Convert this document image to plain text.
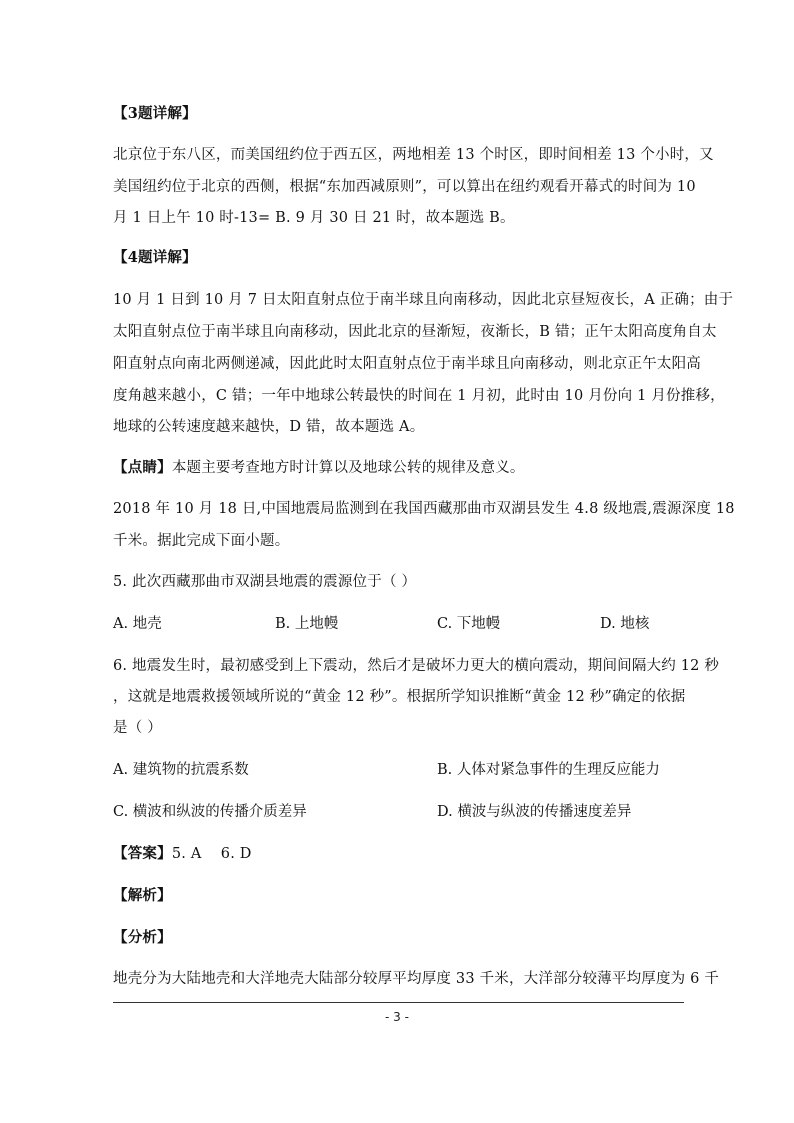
【3题详解】
北京位于东八区，而美国纽约位于西五区，两地相差 13 个时区，即时间相差 13 个小时，又
美国纽约位于北京的西侧，根据“东加西减原则”，可以算出在纽约观看开幕式的时间为 10
月 1 日上午 10 时-13= B. 9 月 30 日 21 时，故本题选 B。
【4题详解】
10 月 1 日到 10 月 7 日太阳直射点位于南半球且向南移动，因此北京昼短夜长，A 正确；由于
太阳直射点位于南半球且向南移动，因此北京的昼渐短，夜渐长，B 错；正午太阳高度角自太
阳直射点向南北两侧递减，因此此时太阳直射点位于南半球且向南移动，则北京正午太阳高
度角越来越小，C 错；一年中地球公转最快的时间在 1 月初，此时由 10 月份向 1 月份推移，
地球的公转速度越来越快，D 错，故本题选 A。
【点睛】本题主要考查地方时计算以及地球公转的规律及意义。
2018 年 10 月 18 日,中国地震局监测到在我国西藏那曲市双湖县发生 4.8 级地震,震源深度 18
千米。据此完成下面小题。
5. 此次西藏那曲市双湖县地震的震源位于（ ）
A. 地壳	B. 上地幔	C. 下地幔	D. 地核
6. 地震发生时，最初感受到上下震动，然后才是破坏力更大的横向震动，期间间隔大约 12 秒
，这就是地震救援领域所说的“黄金 12 秒”。根据所学知识推断“黄金 12 秒”确定的依据
是（ ）
A. 建筑物的抗震系数	B. 人体对紧急事件的生理反应能力
C. 横波和纵波的传播介质差异	D. 横波与纵波的传播速度差异
【答案】5. A    6. D
【解析】
【分析】
地壳分为大陆地壳和大洋地壳大陆部分较厚平均厚度 33 千米，大洋部分较薄平均厚度为 6 千
- 3 -
